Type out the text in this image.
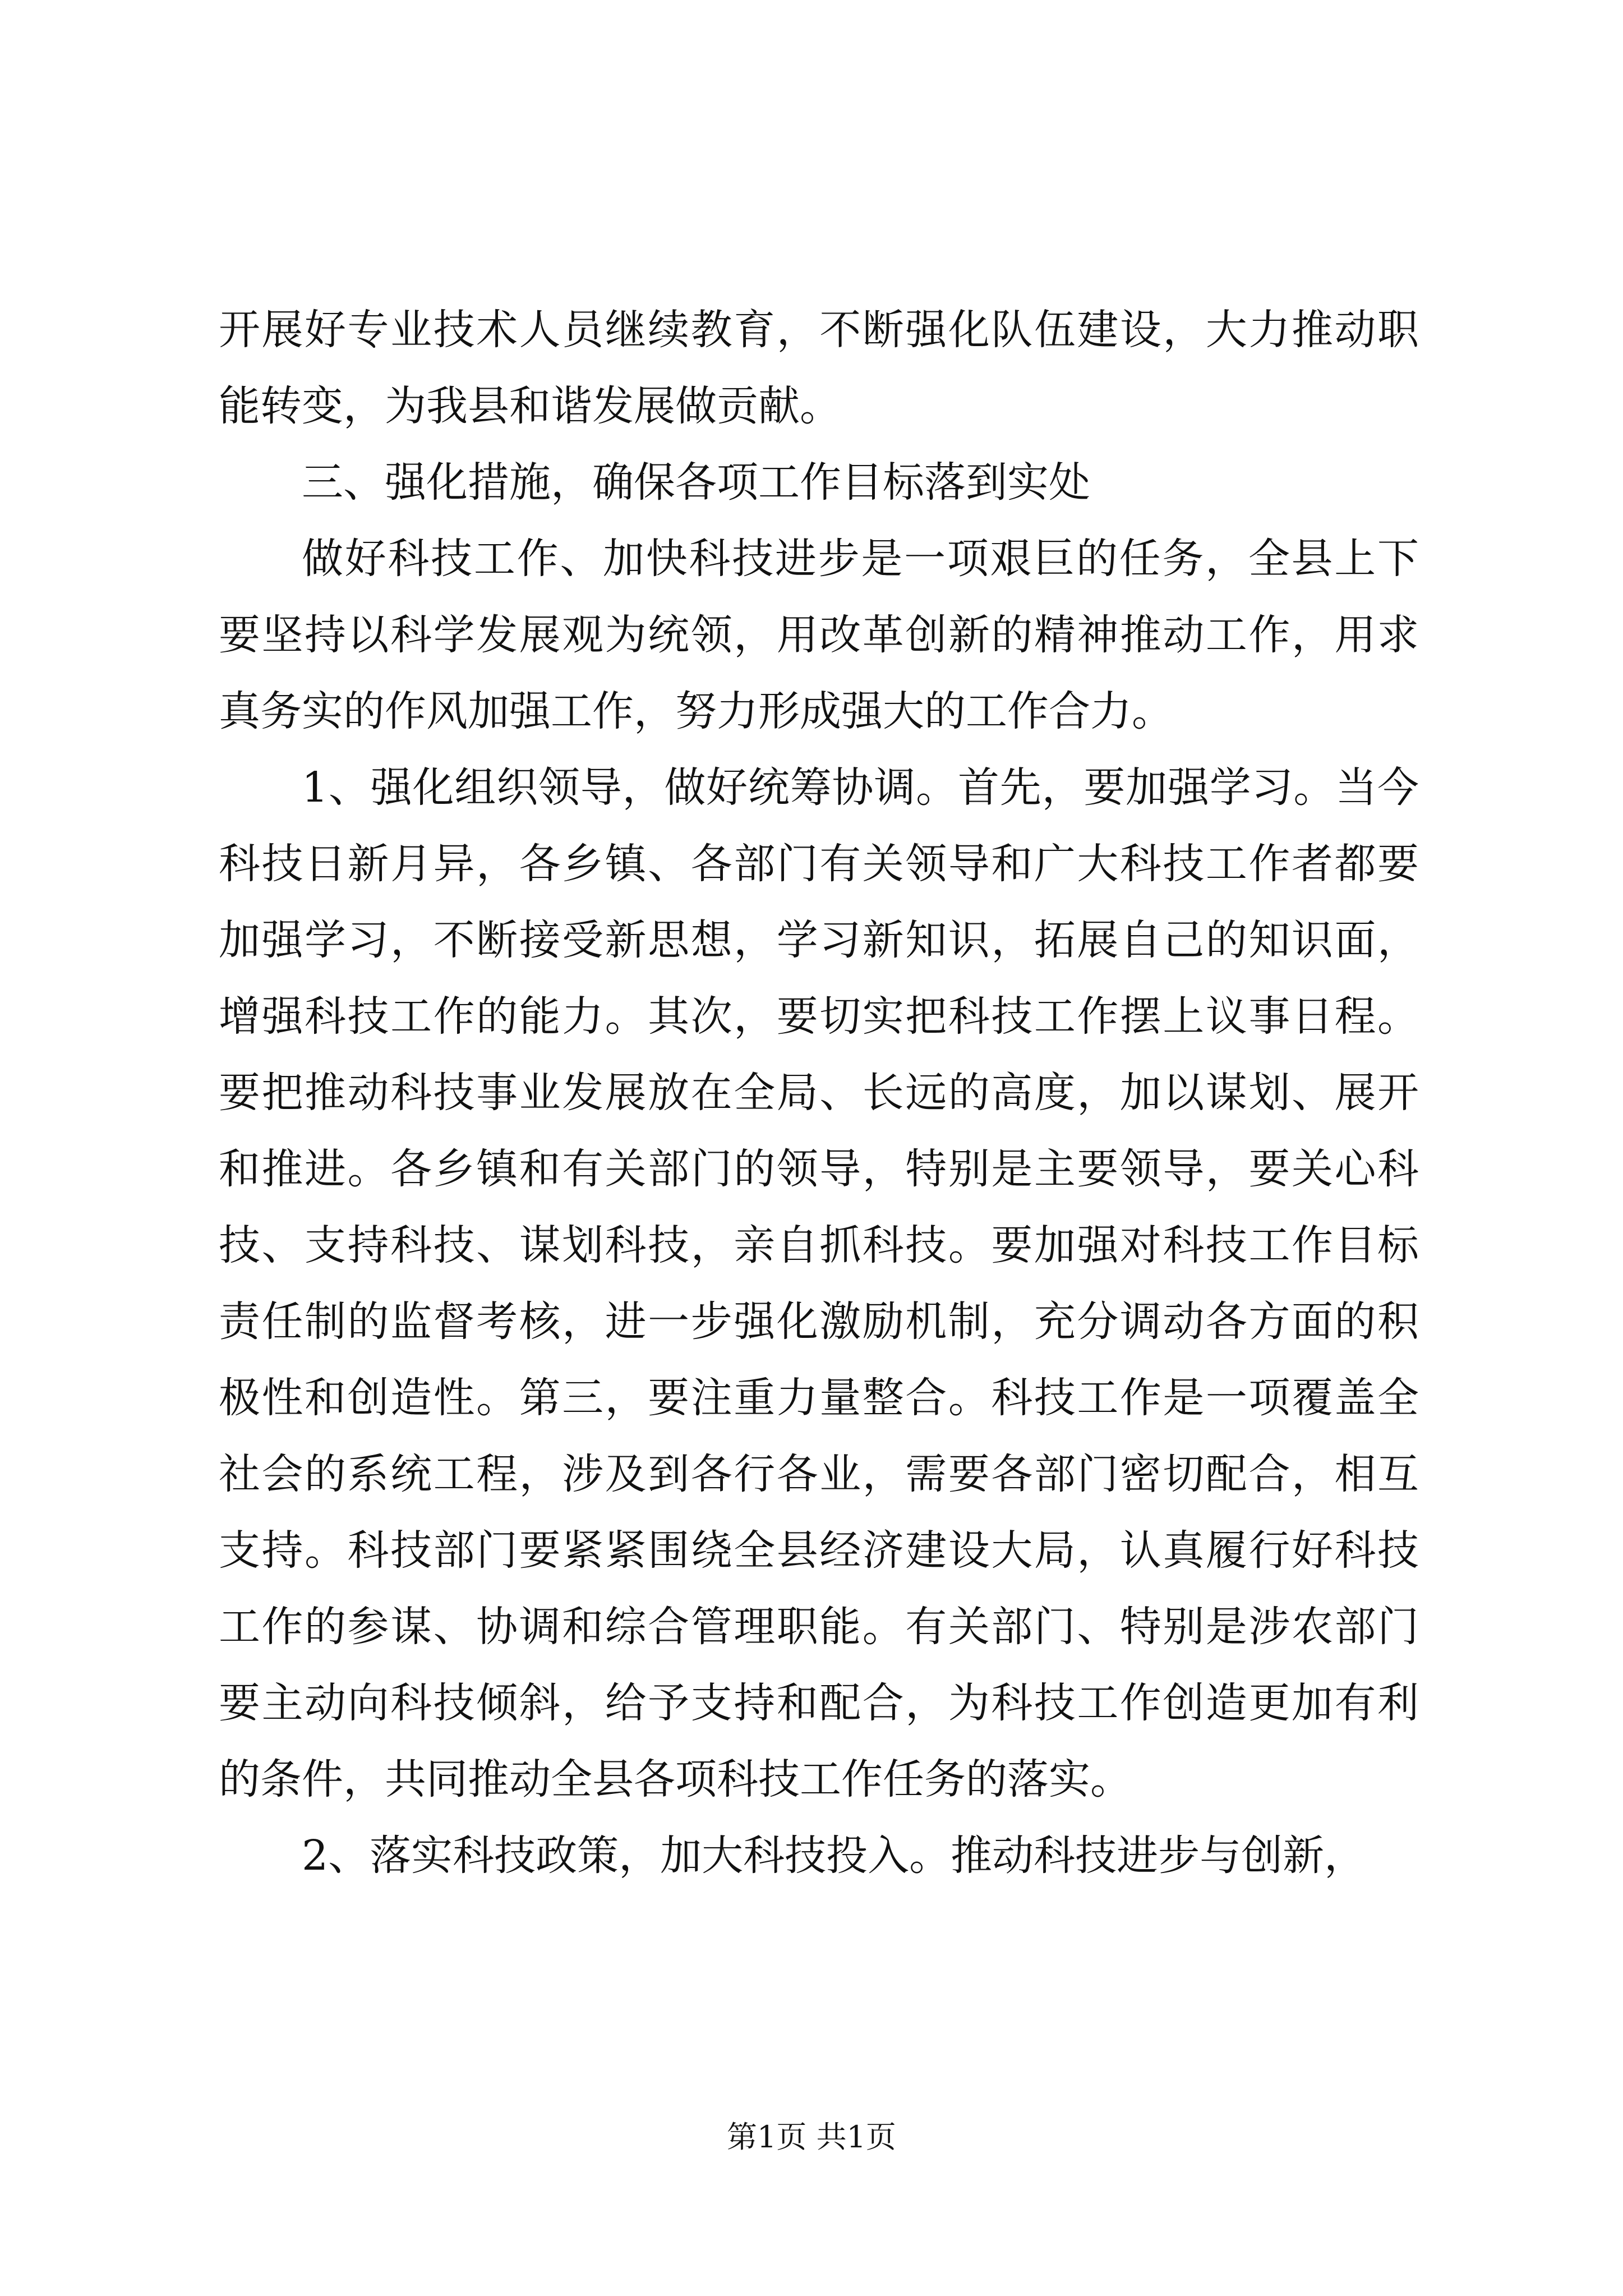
开展好专业技术人员继续教育，不断强化队伍建设，大力推动职能转变，为我县和谐发展做贡献。

三、强化措施，确保各项工作目标落到实处

做好科技工作、加快科技进步是一项艰巨的任务，全县上下要坚持以科学发展观为统领，用改革创新的精神推动工作，用求真务实的作风加强工作，努力形成强大的工作合力。

1、强化组织领导，做好统筹协调。首先，要加强学习。当今科技日新月异，各乡镇、各部门有关领导和广大科技工作者都要加强学习，不断接受新思想，学习新知识，拓展自己的知识面，增强科技工作的能力。其次，要切实把科技工作摆上议事日程。要把推动科技事业发展放在全局、长远的高度，加以谋划、展开和推进。各乡镇和有关部门的领导，特别是主要领导，要关心科技、支持科技、谋划科技，亲自抓科技。要加强对科技工作目标责任制的监督考核，进一步强化激励机制，充分调动各方面的积极性和创造性。第三，要注重力量整合。科技工作是一项覆盖全社会的系统工程，涉及到各行各业，需要各部门密切配合，相互支持。科技部门要紧紧围绕全县经济建设大局，认真履行好科技工作的参谋、协调和综合管理职能。有关部门、特别是涉农部门要主动向科技倾斜，给予支持和配合，为科技工作创造更加有利的条件，共同推动全县各项科技工作任务的落实。

2、落实科技政策，加大科技投入。推动科技进步与创新，

第1页 共1页
